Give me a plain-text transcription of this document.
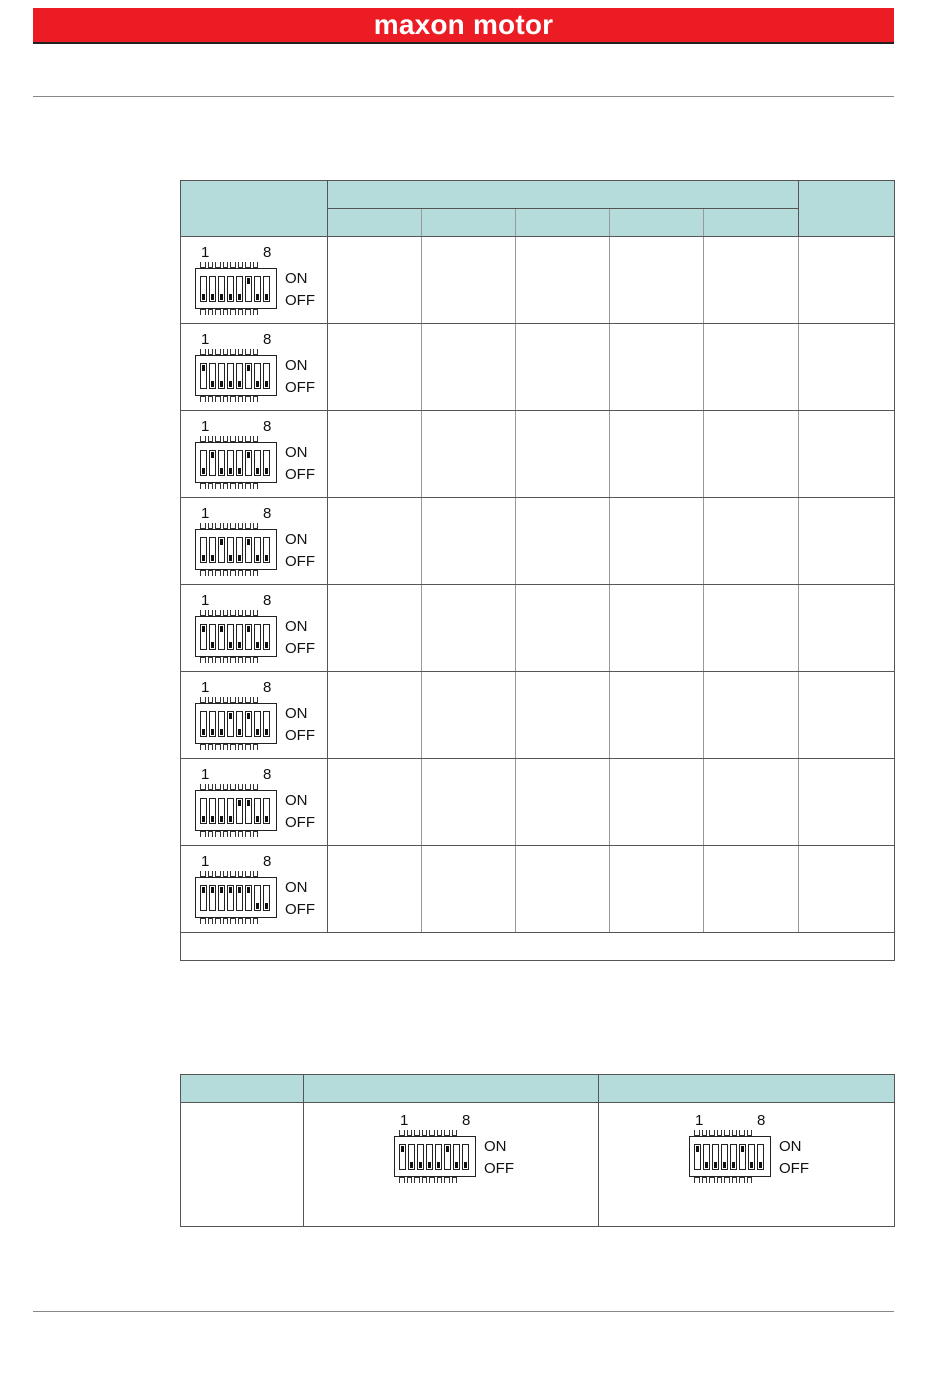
maxon motor

1 8
ON
OFF						

1 8
ON
OFF						

1 8
ON
OFF						

1 8
ON
OFF						

1 8
ON
OFF						

1 8
ON
OFF						

1 8
ON
OFF						

1 8
ON
OFF						

	1 8
ON
OFF	1 8
ON
OFF
